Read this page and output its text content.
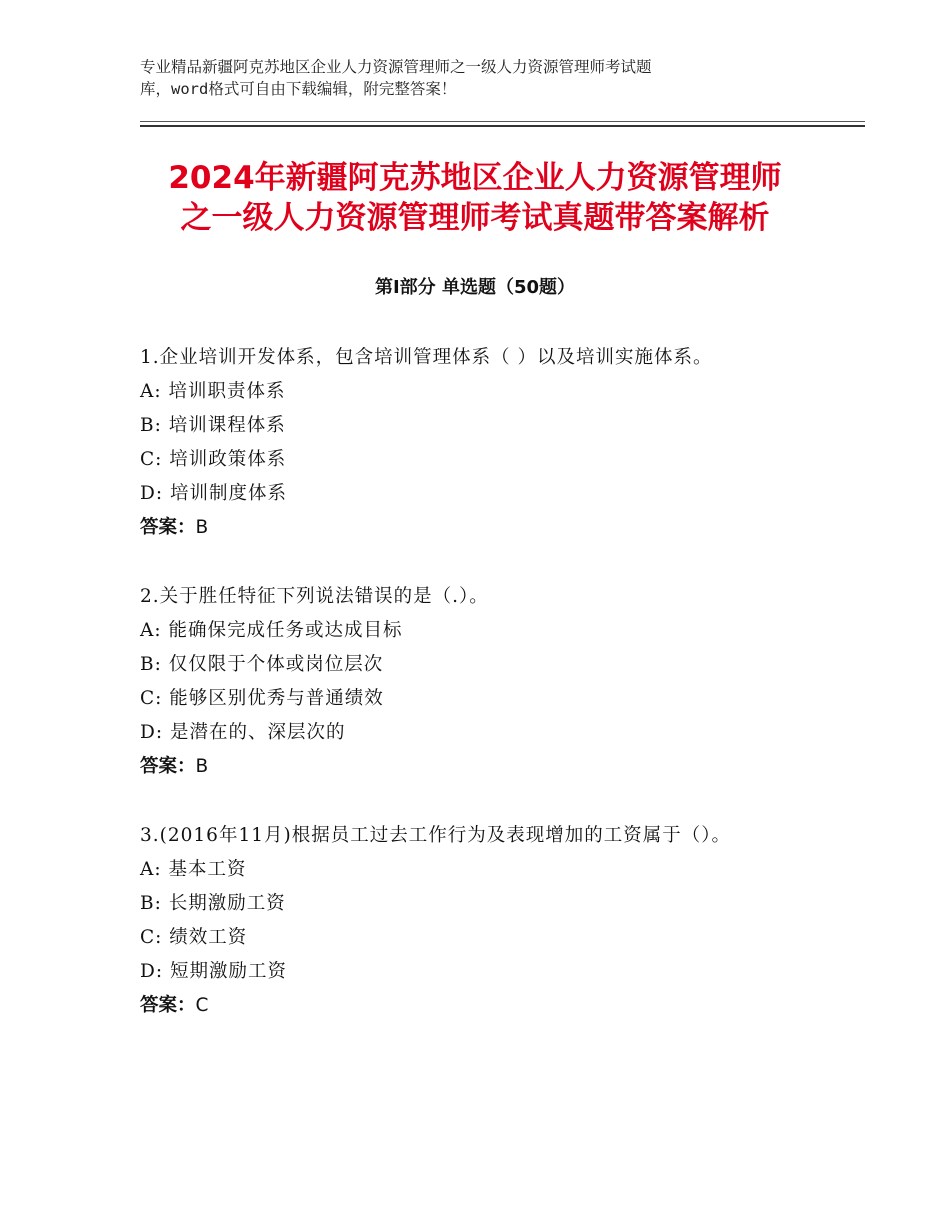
专业精品新疆阿克苏地区企业人力资源管理师之一级人力资源管理师考试题
库，word格式可自由下载编辑，附完整答案！
2024年新疆阿克苏地区企业人力资源管理师
之一级人力资源管理师考试真题带答案解析
第Ⅰ部分 单选题（50题）
1.企业培训开发体系，包含培训管理体系（ ）以及培训实施体系。
A: 培训职责体系
B: 培训课程体系
C: 培训政策体系
D: 培训制度体系
答案：B
2.关于胜任特征下列说法错误的是（.）。
A: 能确保完成任务或达成目标
B: 仅仅限于个体或岗位层次
C: 能够区别优秀与普通绩效
D: 是潜在的、深层次的
答案：B
3.(2016年11月)根据员工过去工作行为及表现增加的工资属于（）。
A: 基本工资
B: 长期激励工资
C: 绩效工资
D: 短期激励工资
答案：C
